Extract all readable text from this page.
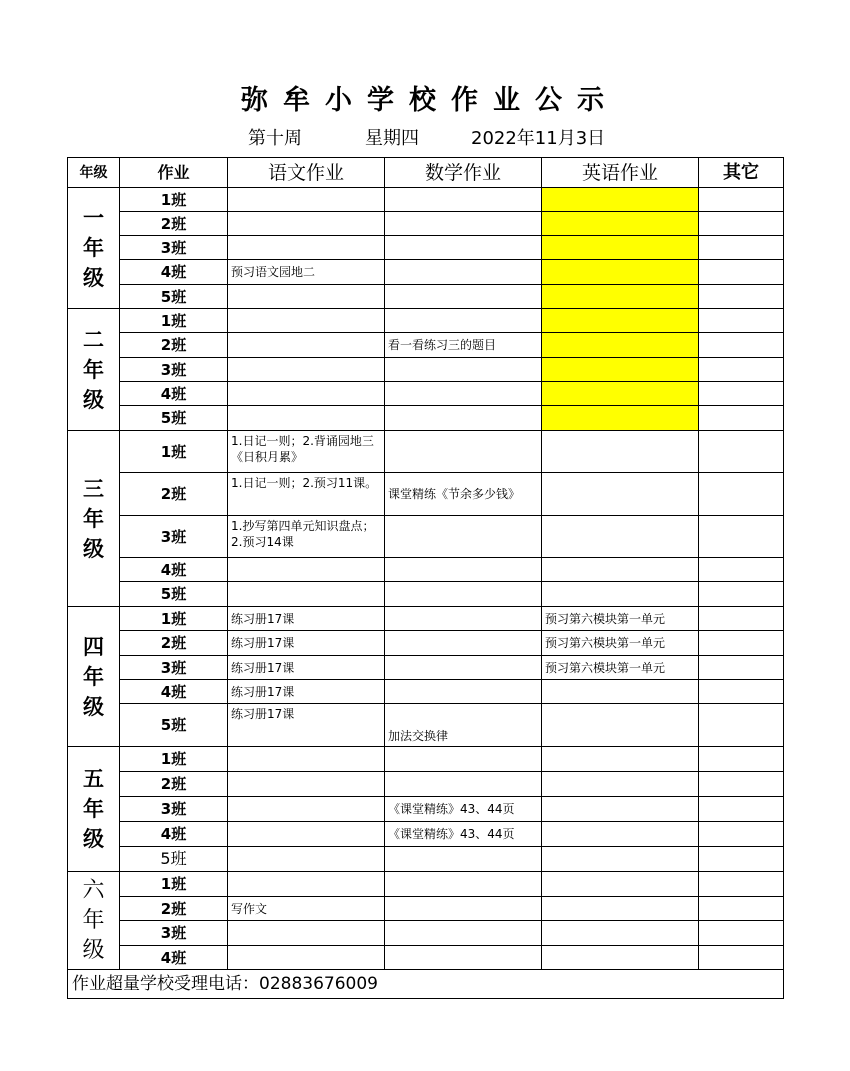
弥牟小学校作业公示
第十周	星期四	2022年11月3日
年级	作业	语文作业	数学作业	英语作业	其它

一
年
级	1班				
	2班				
	3班				
	4班	预习语文园地二			
	5班				

二
年
级	1班				
	2班		看一看练习三的题目		
	3班				
	4班				
	5班				

三
年
级	1班	1.日记一则；2.背诵园地三《日积月累》			
	2班	1.日记一则；2.预习11课。	课堂精练《节余多少钱》		
	3班	1.抄写第四单元知识盘点；2.预习14课			
	4班				
	5班				

四
年
级	1班	练习册17课		预习第六模块第一单元	
	2班	练习册17课		预习第六模块第一单元	
	3班	练习册17课		预习第六模块第一单元	
	4班	练习册17课			
	5班	练习册17课	加法交换律		

五
年
级	1班				
	2班				
	3班		《课堂精练》43、44页		
	4班		《课堂精练》43、44页		
	5班				

六
年
级	1班				
	2班	写作文			
	3班				
	4班				
作业超量学校受理电话：02883676009					
